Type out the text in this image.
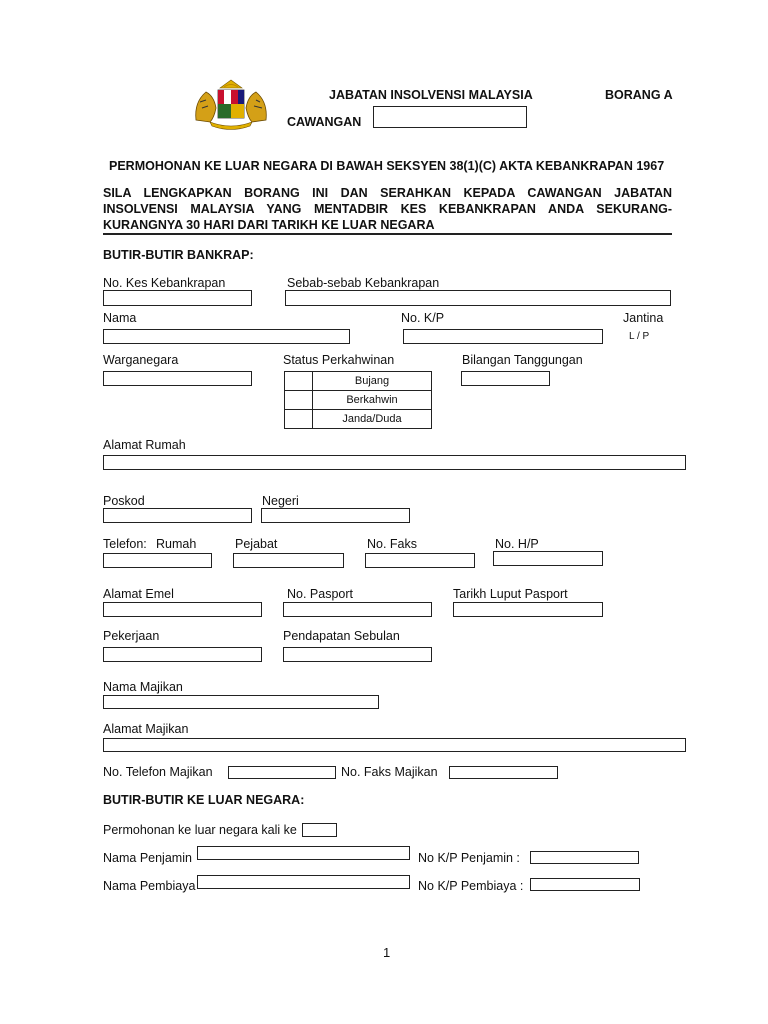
JABATAN INSOLVENSI MALAYSIA	BORANG A
CAWANGAN
PERMOHONAN KE LUAR NEGARA DI BAWAH SEKSYEN 38(1)(C) AKTA KEBANKRAPAN 1967
SILA LENGKAPKAN BORANG INI DAN SERAHKAN KEPADA CAWANGAN JABATAN
INSOLVENSI MALAYSIA YANG MENTADBIR KES KEBANKRAPAN ANDA SEKURANG-
KURANGNYA 30 HARI DARI TARIKH KE LUAR NEGARA
BUTIR-BUTIR BANKRAP:
No. Kes Kebankrapan	Sebab-sebab Kebankrapan
Nama	No. K/P	Jantina
L / P
Warganegara	Status Perkahwinan	Bilangan Tanggungan
	Bujang
	Berkahwin
	Janda/Duda
Alamat Rumah
Poskod	Negeri
Telefon: Rumah	Pejabat	No. Faks	No. H/P
Alamat Emel	No. Pasport	Tarikh Luput Pasport
Pekerjaan	Pendapatan Sebulan
Nama Majikan
Alamat Majikan
No. Telefon Majikan	No. Faks Majikan
BUTIR-BUTIR KE LUAR NEGARA:
Permohonan ke luar negara kali ke
Nama Penjamin	No K/P Penjamin :
Nama Pembiaya	No K/P Pembiaya :
1
